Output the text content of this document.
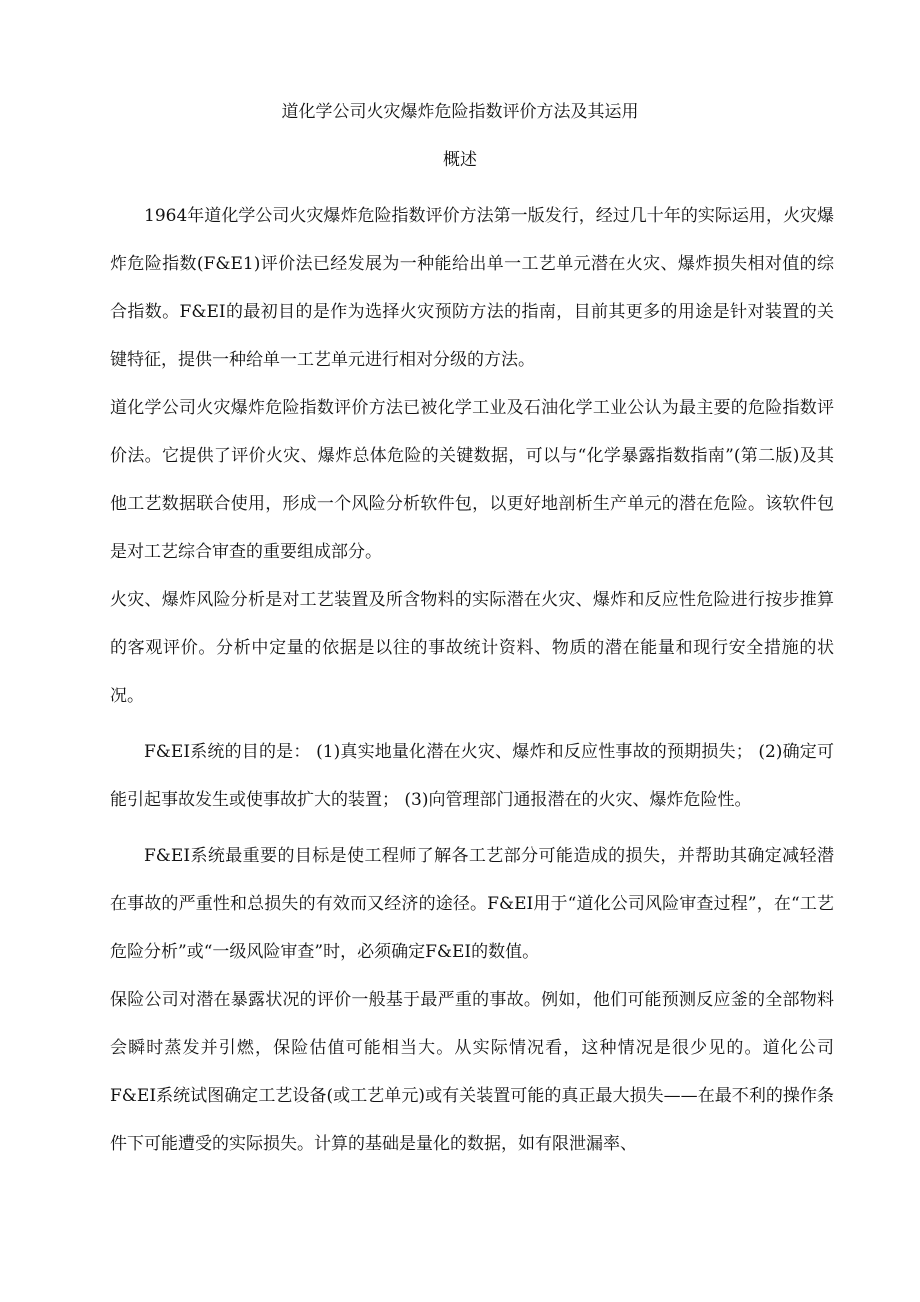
道化学公司火灾爆炸危险指数评价方法及其运用
概述

1964年道化学公司火灾爆炸危险指数评价方法第一版发行，经过几十年的实际运用，火灾爆炸危险指数(F&E1)评价法已经发展为一种能给出单一工艺单元潜在火灾、爆炸损失相对值的综合指数。F&EI的最初目的是作为选择火灾预防方法的指南，目前其更多的用途是针对装置的关键特征，提供一种给单一工艺单元进行相对分级的方法。

道化学公司火灾爆炸危险指数评价方法已被化学工业及石油化学工业公认为最主要的危险指数评价法。它提供了评价火灾、爆炸总体危险的关键数据，可以与“化学暴露指数指南”(第二版)及其他工艺数据联合使用，形成一个风险分析软件包，以更好地剖析生产单元的潜在危险。该软件包是对工艺综合审查的重要组成部分。

火灾、爆炸风险分析是对工艺装置及所含物料的实际潜在火灾、爆炸和反应性危险进行按步推算的客观评价。分析中定量的依据是以往的事故统计资料、物质的潜在能量和现行安全措施的状况。

F&EI系统的目的是： (1)真实地量化潜在火灾、爆炸和反应性事故的预期损失； (2)确定可能引起事故发生或使事故扩大的装置； (3)向管理部门通报潜在的火灾、爆炸危险性。

F&EI系统最重要的目标是使工程师了解各工艺部分可能造成的损失，并帮助其确定减轻潜在事故的严重性和总损失的有效而又经济的途径。F&EI用于“道化公司风险审查过程”，在“工艺危险分析”或“一级风险审查”时，必须确定F&EI的数值。

保险公司对潜在暴露状况的评价一般基于最严重的事故。例如，他们可能预测反应釜的全部物料会瞬时蒸发并引燃，保险估值可能相当大。从实际情况看，这种情况是很少见的。道化公司F&EI系统试图确定工艺设备(或工艺单元)或有关装置可能的真正最大损失——在最不利的操作条件下可能遭受的实际损失。计算的基础是量化的数据，如有限泄漏率、
